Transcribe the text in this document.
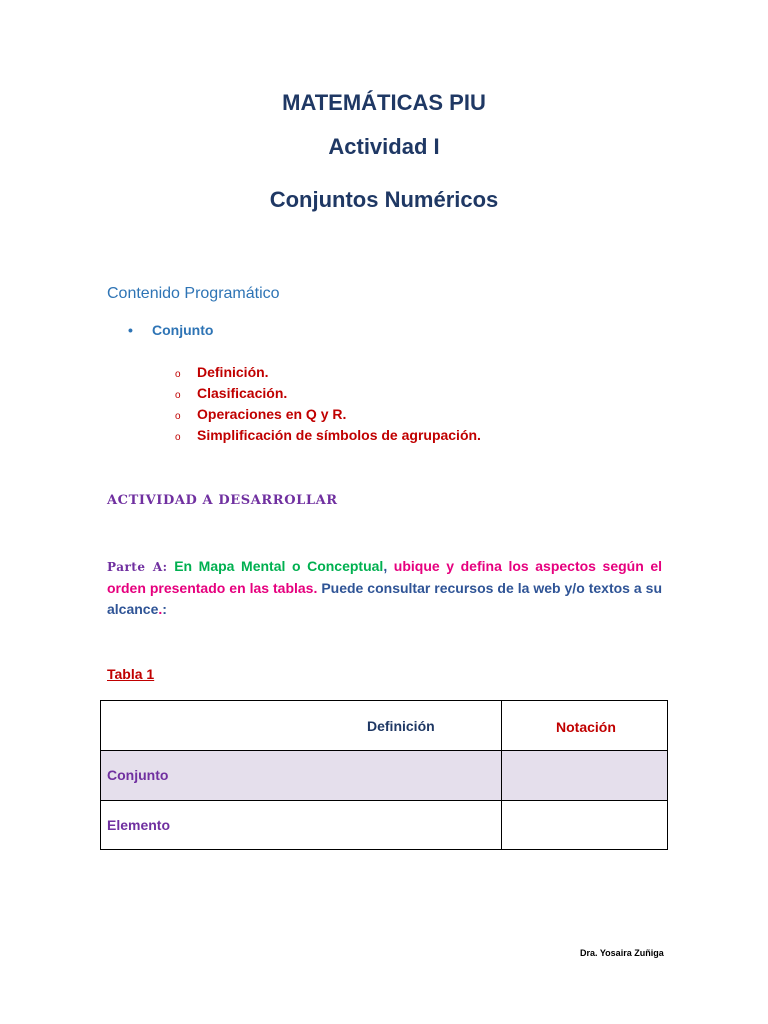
MATEMÁTICAS PIU
Actividad I
Conjuntos Numéricos
Contenido Programático
• Conjunto
o Definición.
o Clasificación.
o Operaciones en Q y R.
o Simplificación de símbolos de agrupación.
ACTIVIDAD A DESARROLLAR
Parte A: En Mapa Mental o Conceptual, ubique y defina los aspectos según el orden presentado en las tablas. Puede consultar recursos de la web y/o textos a su alcance.:
Tabla 1
Definición	Notación
Conjunto
Elemento
Dra. Yosaira Zuñiga
